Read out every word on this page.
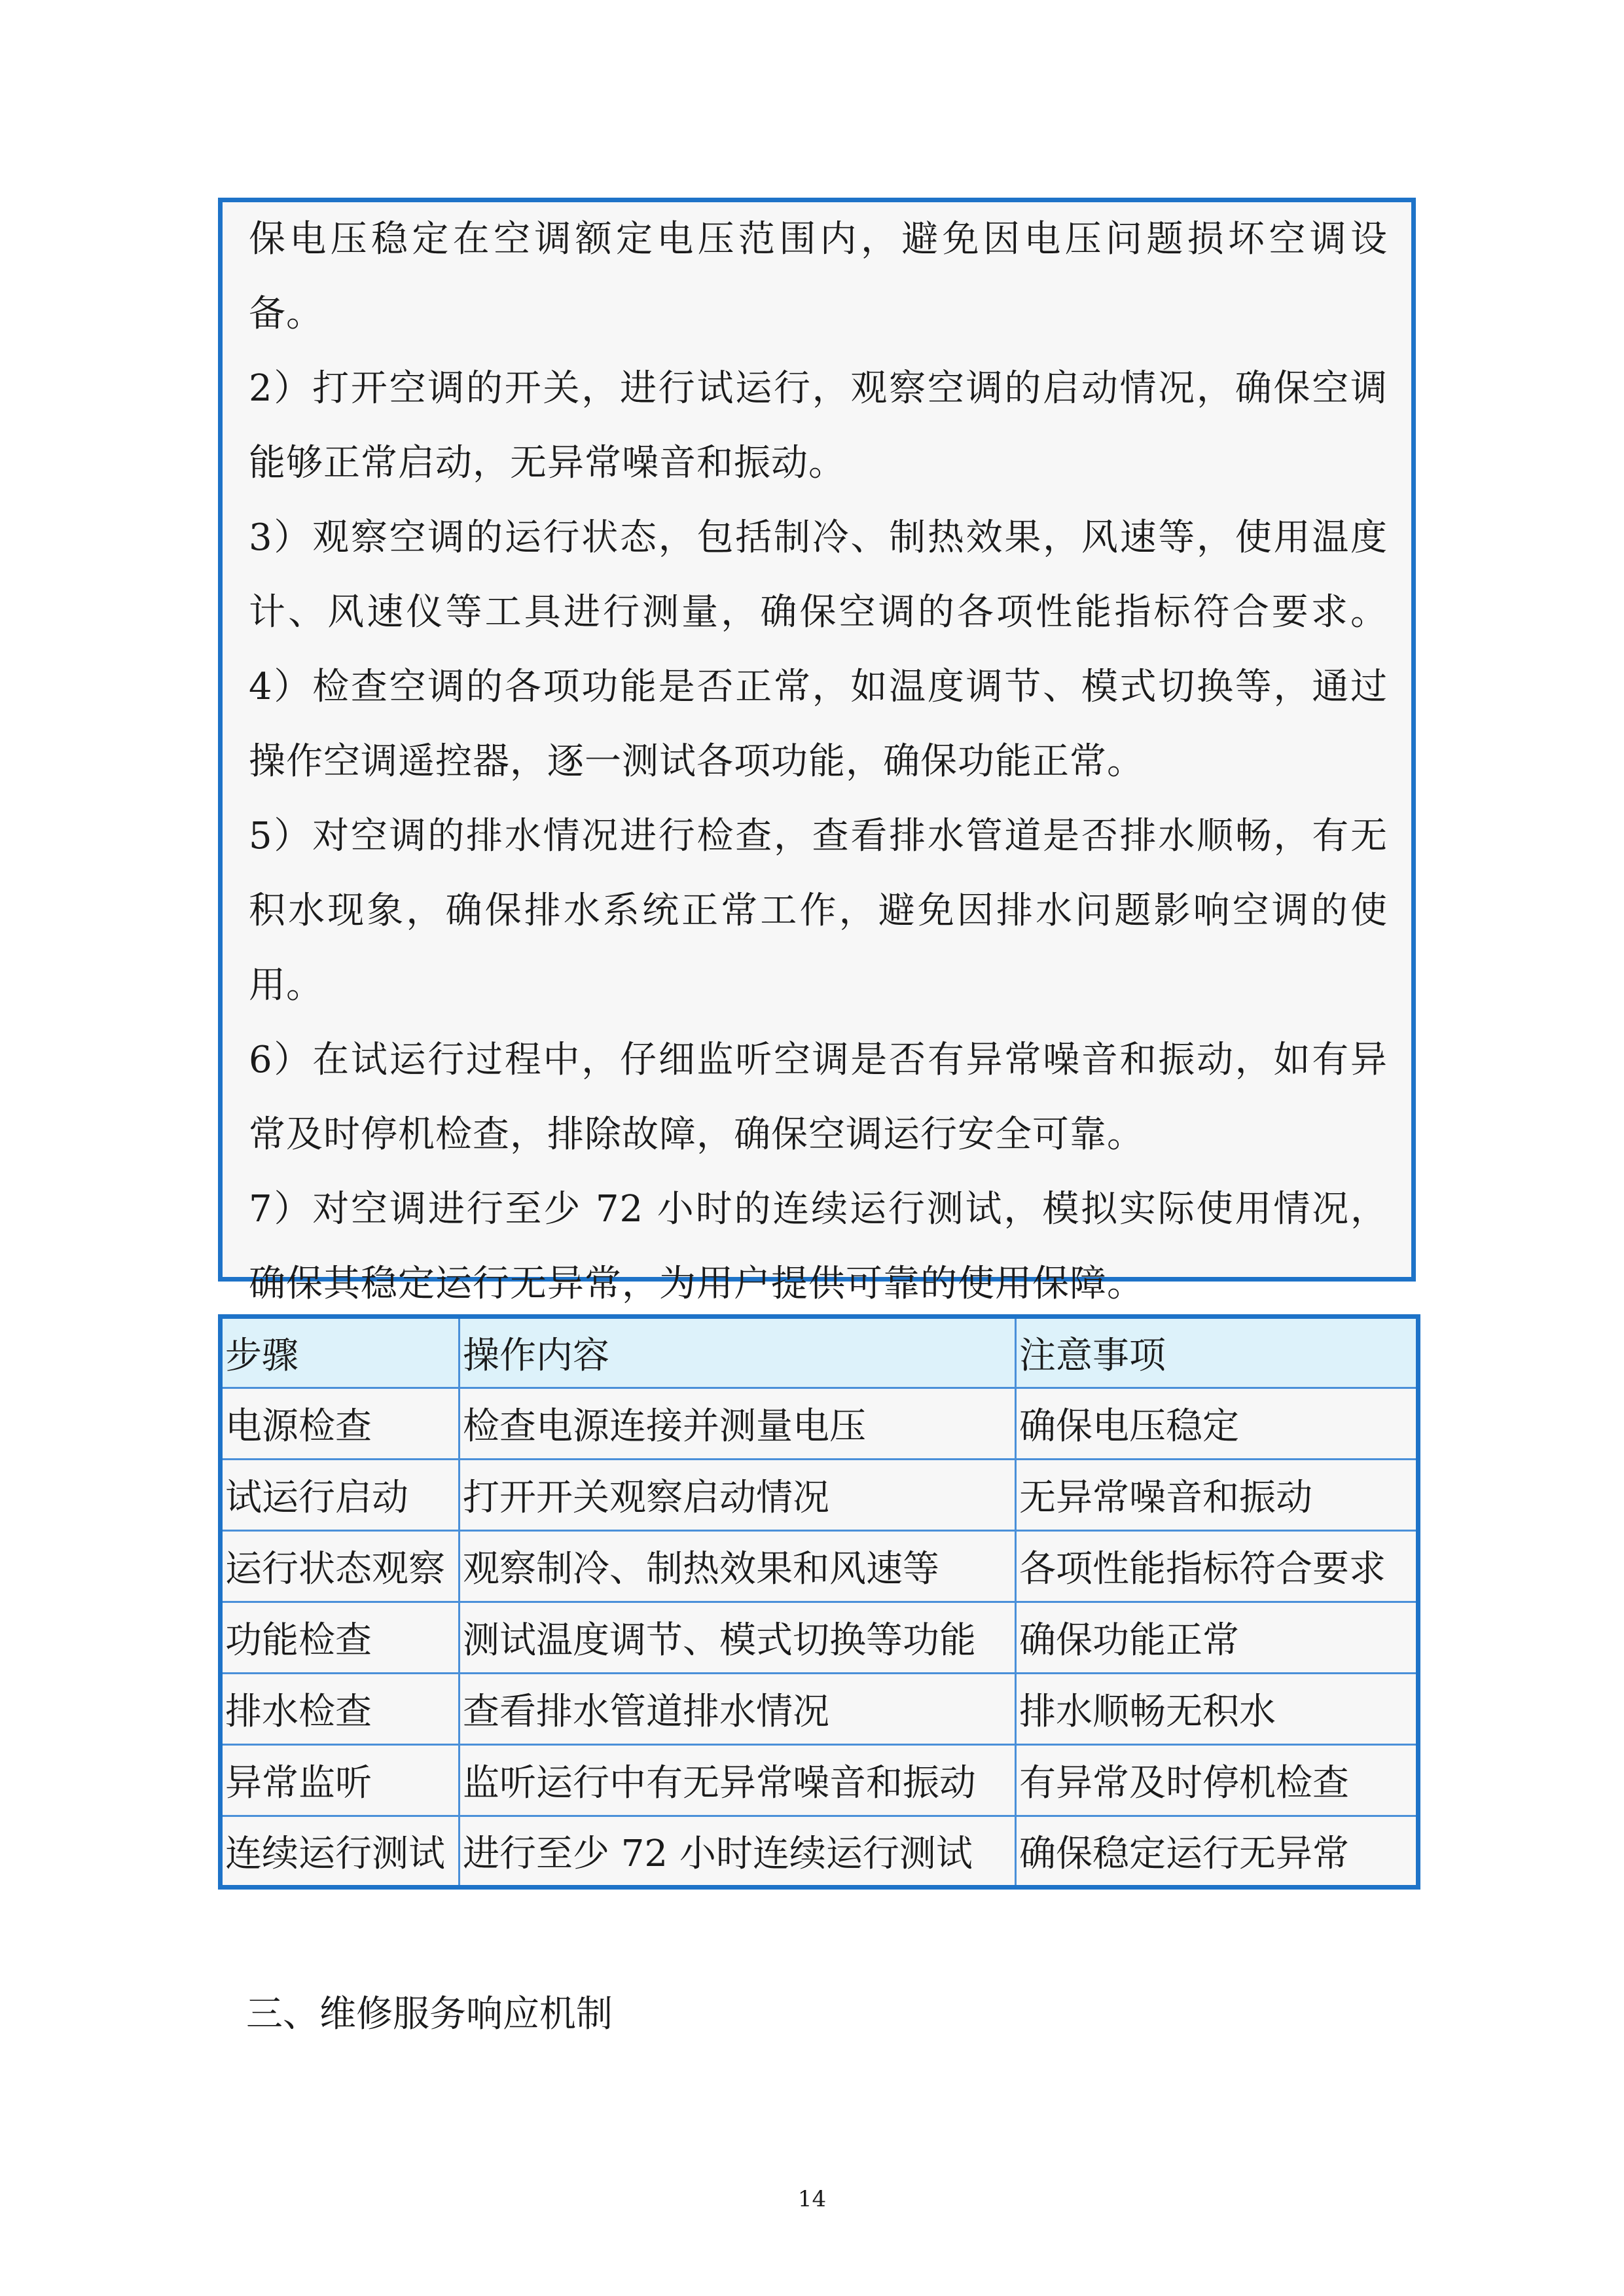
保电压稳定在空调额定电压范围内，避免因电压问题损坏空调设
备。
2）打开空调的开关，进行试运行，观察空调的启动情况，确保空调
能够正常启动，无异常噪音和振动。
3）观察空调的运行状态，包括制冷、制热效果，风速等，使用温度
计、风速仪等工具进行测量，确保空调的各项性能指标符合要求。
4）检查空调的各项功能是否正常，如温度调节、模式切换等，通过
操作空调遥控器，逐一测试各项功能，确保功能正常。
5）对空调的排水情况进行检查，查看排水管道是否排水顺畅，有无
积水现象，确保排水系统正常工作，避免因排水问题影响空调的使
用。
6）在试运行过程中，仔细监听空调是否有异常噪音和振动，如有异
常及时停机检查，排除故障，确保空调运行安全可靠。
7）对空调进行至少 72 小时的连续运行测试，模拟实际使用情况，
确保其稳定运行无异常，为用户提供可靠的使用保障。
步骤	操作内容	注意事项
电源检查	检查电源连接并测量电压	确保电压稳定
试运行启动	打开开关观察启动情况	无异常噪音和振动
运行状态观察	观察制冷、制热效果和风速等	各项性能指标符合要求
功能检查	测试温度调节、模式切换等功能	确保功能正常
排水检查	查看排水管道排水情况	排水顺畅无积水
异常监听	监听运行中有无异常噪音和振动	有异常及时停机检查
连续运行测试	进行至少 72 小时连续运行测试	确保稳定运行无异常
三、维修服务响应机制
14
